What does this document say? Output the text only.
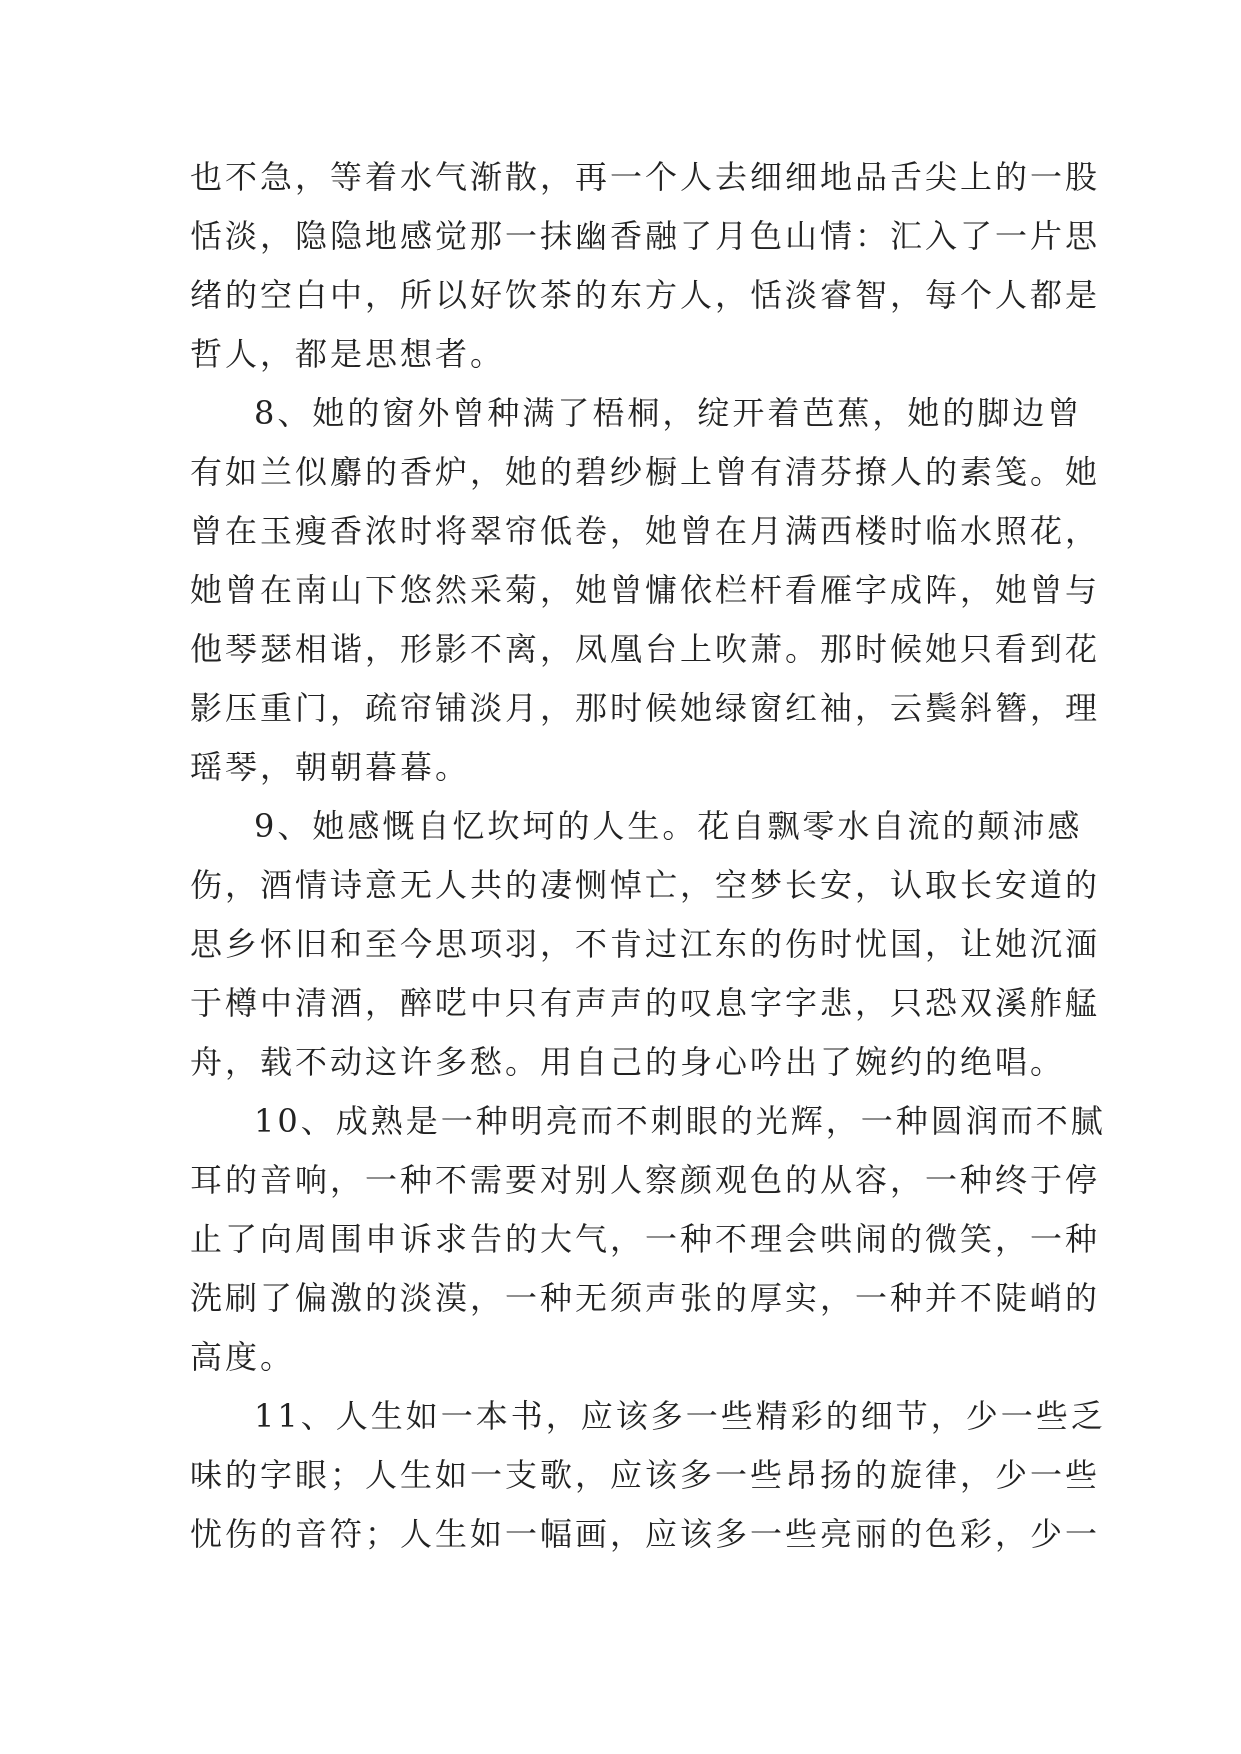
也不急，等着水气渐散，再一个人去细细地品舌尖上的一股
恬淡，隐隐地感觉那一抹幽香融了月色山情：汇入了一片思
绪的空白中，所以好饮茶的东方人，恬淡睿智，每个人都是
哲人，都是思想者。
8、她的窗外曾种满了梧桐，绽开着芭蕉，她的脚边曾
有如兰似麝的香炉，她的碧纱橱上曾有清芬撩人的素笺。她
曾在玉瘦香浓时将翠帘低卷，她曾在月满西楼时临水照花，
她曾在南山下悠然采菊，她曾慵依栏杆看雁字成阵，她曾与
他琴瑟相谐，形影不离，凤凰台上吹萧。那时候她只看到花
影压重门，疏帘铺淡月，那时候她绿窗红袖，云鬓斜簪，理
瑶琴，朝朝暮暮。
9、她感慨自忆坎坷的人生。花自飘零水自流的颠沛感
伤，酒情诗意无人共的凄恻悼亡，空梦长安，认取长安道的
思乡怀旧和至今思项羽，不肯过江东的伤时忧国，让她沉湎
于樽中清酒，醉呓中只有声声的叹息字字悲，只恐双溪舴艋
舟，载不动这许多愁。用自己的身心吟出了婉约的绝唱。
10、成熟是一种明亮而不刺眼的光辉，一种圆润而不腻
耳的音响，一种不需要对别人察颜观色的从容，一种终于停
止了向周围申诉求告的大气，一种不理会哄闹的微笑，一种
洗刷了偏激的淡漠，一种无须声张的厚实，一种并不陡峭的
高度。
11、人生如一本书，应该多一些精彩的细节，少一些乏
味的字眼；人生如一支歌，应该多一些昂扬的旋律，少一些
忧伤的音符；人生如一幅画，应该多一些亮丽的色彩，少一
